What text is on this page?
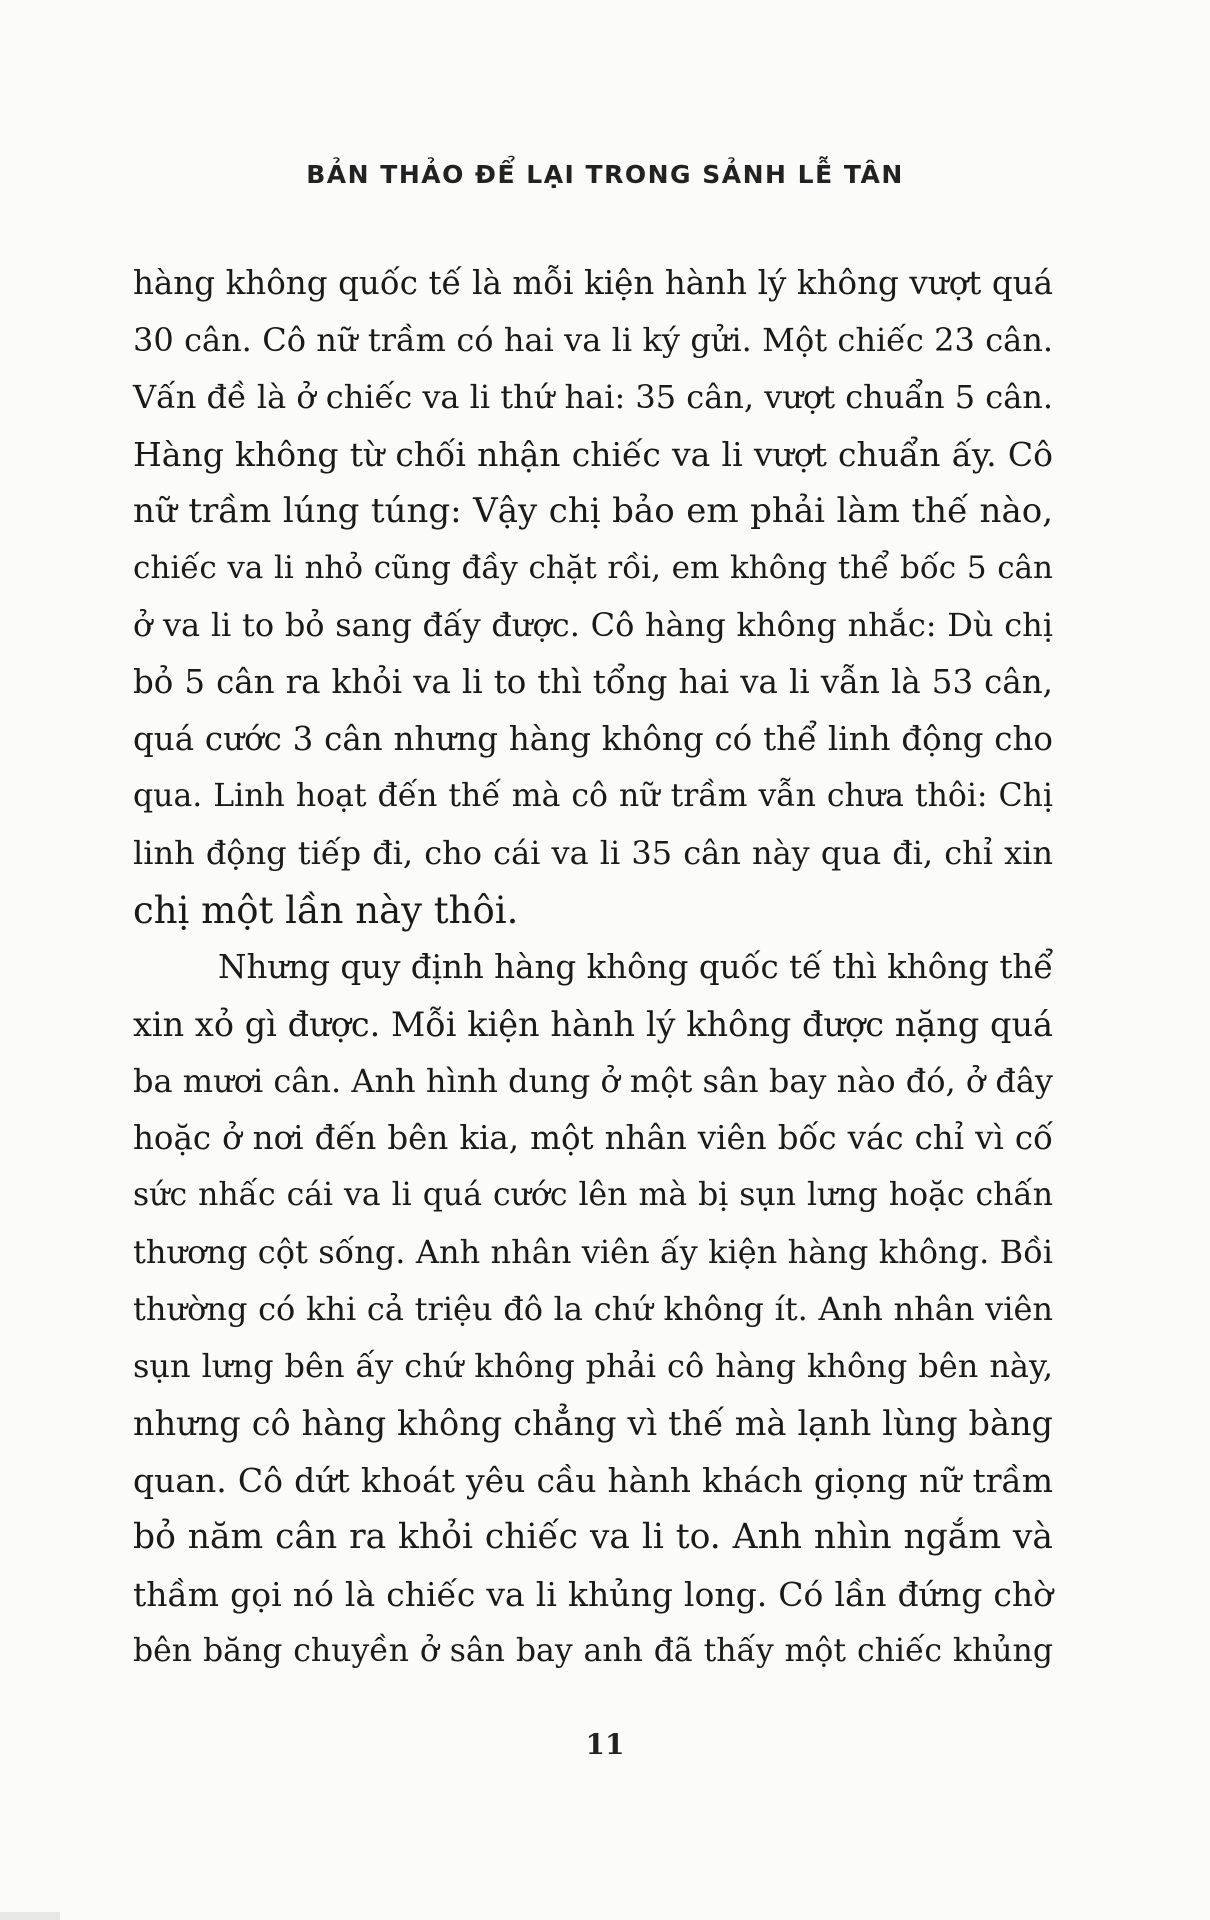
BẢN THẢO ĐỂ LẠI TRONG SẢNH LỄ TÂN
hàng không quốc tế là mỗi kiện hành lý không vượt quá
30 cân. Cô nữ trầm có hai va li ký gửi. Một chiếc 23 cân.
Vấn đề là ở chiếc va li thứ hai: 35 cân, vượt chuẩn 5 cân.
Hàng không từ chối nhận chiếc va li vượt chuẩn ấy. Cô
nữ trầm lúng túng: Vậy chị bảo em phải làm thế nào,
chiếc va li nhỏ cũng đầy chặt rồi, em không thể bốc 5 cân
ở va li to bỏ sang đấy được. Cô hàng không nhắc: Dù chị
bỏ 5 cân ra khỏi va li to thì tổng hai va li vẫn là 53 cân,
quá cước 3 cân nhưng hàng không có thể linh động cho
qua. Linh hoạt đến thế mà cô nữ trầm vẫn chưa thôi: Chị
linh động tiếp đi, cho cái va li 35 cân này qua đi, chỉ xin
chị một lần này thôi.
Nhưng quy định hàng không quốc tế thì không thể
xin xỏ gì được. Mỗi kiện hành lý không được nặng quá
ba mươi cân. Anh hình dung ở một sân bay nào đó, ở đây
hoặc ở nơi đến bên kia, một nhân viên bốc vác chỉ vì cố
sức nhấc cái va li quá cước lên mà bị sụn lưng hoặc chấn
thương cột sống. Anh nhân viên ấy kiện hàng không. Bồi
thường có khi cả triệu đô la chứ không ít. Anh nhân viên
sụn lưng bên ấy chứ không phải cô hàng không bên này,
nhưng cô hàng không chẳng vì thế mà lạnh lùng bàng
quan. Cô dứt khoát yêu cầu hành khách giọng nữ trầm
bỏ năm cân ra khỏi chiếc va li to. Anh nhìn ngắm và
thầm gọi nó là chiếc va li khủng long. Có lần đứng chờ
bên băng chuyền ở sân bay anh đã thấy một chiếc khủng
11
